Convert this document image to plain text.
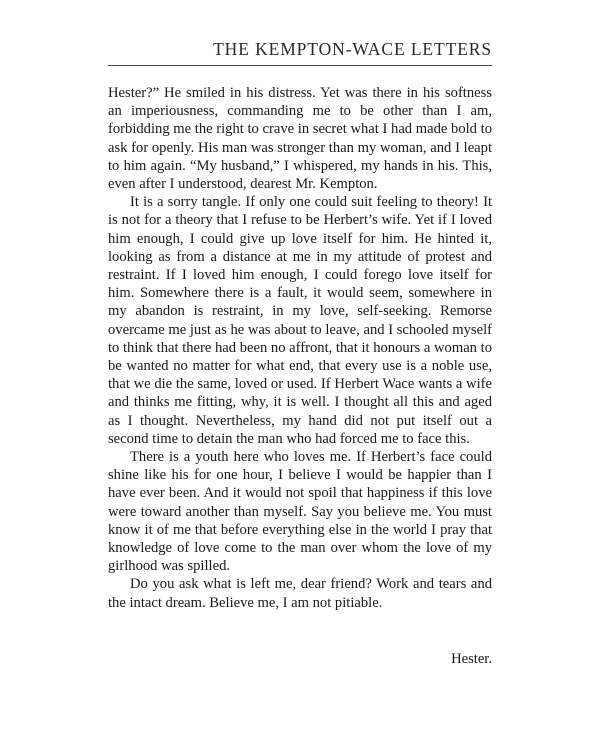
THE KEMPTON-WACE LETTERS

Hester?” He smiled in his distress. Yet was there in his softness an imperiousness, commanding me to be other than I am, forbidding me the right to crave in secret what I had made bold to ask for openly. His man was stronger than my woman, and I leapt to him again. “My husband,” I whispered, my hands in his. This, even after I understood, dearest Mr. Kempton.

It is a sorry tangle. If only one could suit feeling to theory! It is not for a theory that I refuse to be Herbert’s wife. Yet if I loved him enough, I could give up love itself for him. He hinted it, looking as from a distance at me in my attitude of protest and restraint. If I loved him enough, I could forego love itself for him. Somewhere there is a fault, it would seem, somewhere in my abandon is restraint, in my love, self-seeking. Remorse overcame me just as he was about to leave, and I schooled myself to think that there had been no affront, that it honours a woman to be wanted no matter for what end, that every use is a noble use, that we die the same, loved or used. If Herbert Wace wants a wife and thinks me fitting, why, it is well. I thought all this and aged as I thought. Nevertheless, my hand did not put itself out a second time to detain the man who had forced me to face this.

There is a youth here who loves me. If Herbert’s face could shine like his for one hour, I believe I would be happier than I have ever been. And it would not spoil that happiness if this love were toward another than myself. Say you believe me. You must know it of me that before everything else in the world I pray that knowledge of love come to the man over whom the love of my girlhood was spilled.

Do you ask what is left me, dear friend? Work and tears and the intact dream. Believe me, I am not pitiable.

Hester.
